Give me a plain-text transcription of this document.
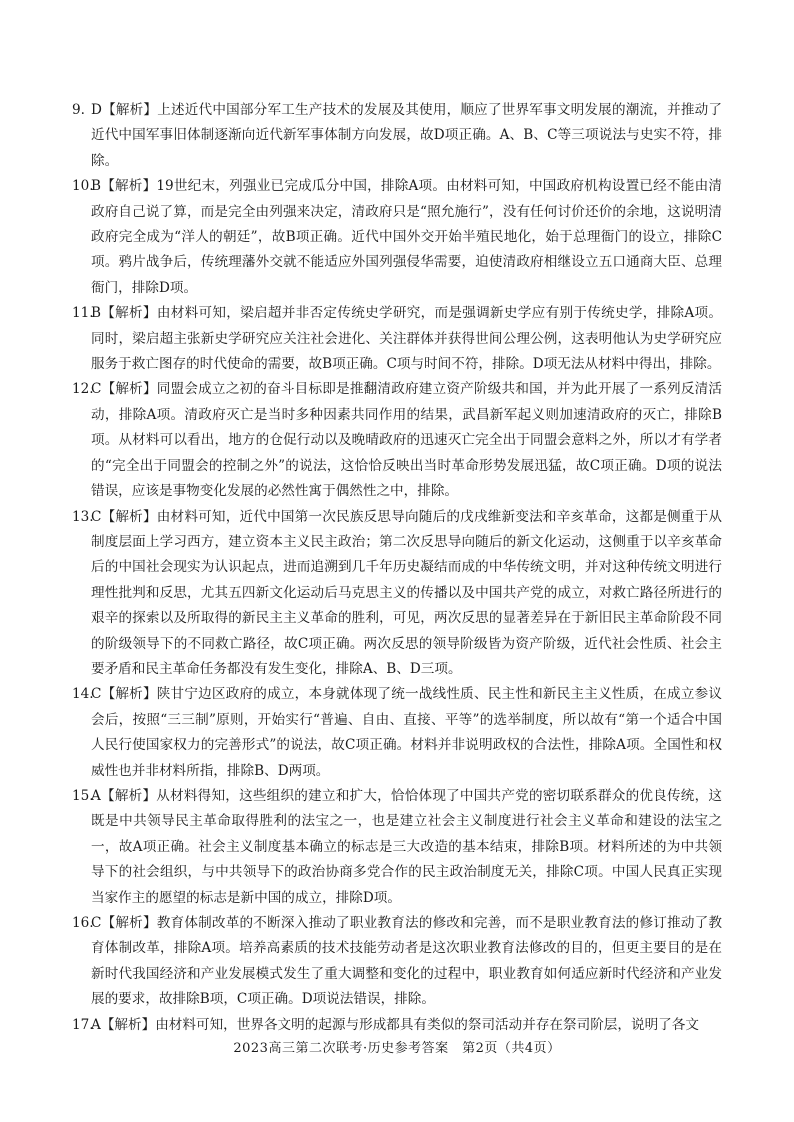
9. D【解析】上述近代中国部分军工生产技术的发展及其使用，顺应了世界军事文明发展的潮流，并推动了近代中国军事旧体制逐渐向近代新军事体制方向发展，故D项正确。A、B、C等三项说法与史实不符，排除。

10.
B【解析】19世纪末，列强业已完成瓜分中国，排除A项。由材料可知，中国政府机构设置已经不能由清政府自己说了算，而是完全由列强来决定，清政府只是“照允施行”，没有任何讨价还价的余地，这说明清政府完全成为“洋人的朝廷”，故B项正确。近代中国外交开始半殖民地化，始于总理衙门的设立，排除C项。鸦片战争后，传统理藩外交就不能适应外国列强侵华需要，迫使清政府相继设立五口通商大臣、总理衙门，排除D项。

11.
B【解析】由材料可知，梁启超并非否定传统史学研究，而是强调新史学应有别于传统史学，排除A项。同时，梁启超主张新史学研究应关注社会进化、关注群体并获得世间公理公例，这表明他认为史学研究应服务于救亡图存的时代使命的需要，故B项正确。C项与时间不符，排除。D项无法从材料中得出，排除。

12.
C【解析】同盟会成立之初的奋斗目标即是推翻清政府建立资产阶级共和国，并为此开展了一系列反清活动，排除A项。清政府灭亡是当时多种因素共同作用的结果，武昌新军起义则加速清政府的灭亡，排除B项。从材料可以看出，地方的仓促行动以及晚晴政府的迅速灭亡完全出于同盟会意料之外，所以才有学者的“完全出于同盟会的控制之外”的说法，这恰恰反映出当时革命形势发展迅猛，故C项正确。D项的说法错误，应该是事物变化发展的必然性寓于偶然性之中，排除。

13.
C【解析】由材料可知，近代中国第一次民族反思导向随后的戊戌维新变法和辛亥革命，这都是侧重于从制度层面上学习西方，建立资本主义民主政治；第二次反思导向随后的新文化运动，这侧重于以辛亥革命后的中国社会现实为认识起点，进而追溯到几千年历史凝结而成的中华传统文明，并对这种传统文明进行理性批判和反思，尤其五四新文化运动后马克思主义的传播以及中国共产党的成立，对救亡路径所进行的艰辛的探索以及所取得的新民主主义革命的胜利，可见，两次反思的显著差异在于新旧民主革命阶段不同的阶级领导下的不同救亡路径，故C项正确。两次反思的领导阶级皆为资产阶级，近代社会性质、社会主要矛盾和民主革命任务都没有发生变化，排除A、B、D三项。

14.
C【解析】陕甘宁边区政府的成立，本身就体现了统一战线性质、民主性和新民主主义性质，在成立参议会后，按照“三三制”原则，开始实行“普遍、自由、直接、平等”的选举制度，所以故有“第一个适合中国人民行使国家权力的完善形式”的说法，故C项正确。材料并非说明政权的合法性，排除A项。全国性和权威性也并非材料所指，排除B、D两项。

15.
A【解析】从材料得知，这些组织的建立和扩大，恰恰体现了中国共产党的密切联系群众的优良传统，这既是中共领导民主革命取得胜利的法宝之一，也是建立社会主义制度进行社会主义革命和建设的法宝之一，故A项正确。社会主义制度基本确立的标志是三大改造的基本结束，排除B项。材料所述的为中共领导下的社会组织，与中共领导下的政治协商多党合作的民主政治制度无关，排除C项。中国人民真正实现当家作主的愿望的标志是新中国的成立，排除D项。

16.
C【解析】教育体制改革的不断深入推动了职业教育法的修改和完善，而不是职业教育法的修订推动了教育体制改革，排除A项。培养高素质的技术技能劳动者是这次职业教育法修改的目的，但更主要目的是在新时代我国经济和产业发展模式发生了重大调整和变化的过程中，职业教育如何适应新时代经济和产业发展的要求，故排除B项，C项正确。D项说法错误，排除。

17.
A【解析】由材料可知，世界各文明的起源与形成都具有类似的祭司活动并存在祭司阶层，说明了各文

2023高三第二次联考·历史参考答案　第2页（共4页）
